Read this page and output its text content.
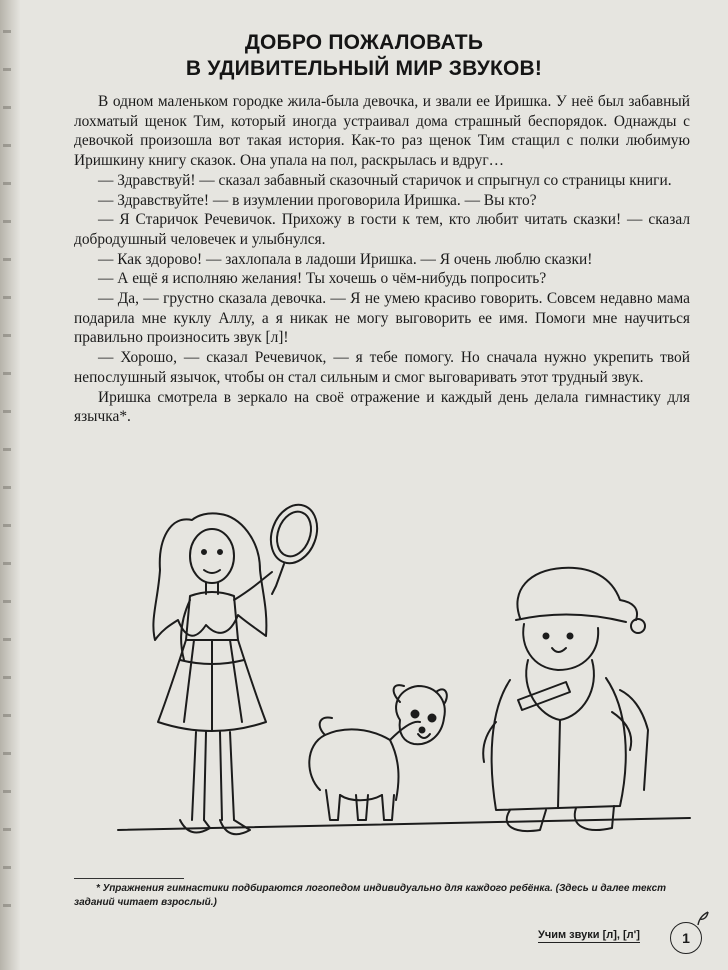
ДОБРО ПОЖАЛОВАТЬ
В УДИВИТЕЛЬНЫЙ МИР ЗВУКОВ!

В одном маленьком городке жила-была девочка, и звали ее Иришка. У неё был забавный лохматый щенок Тим, который иногда устраивал дома страшный беспорядок. Однажды с девочкой произошла вот такая история. Как-то раз щенок Тим стащил с полки любимую Иришкину книгу сказок. Она упала на пол, раскрылась и вдруг…

— Здравствуй! — сказал забавный сказочный старичок и спрыгнул со страницы книги.

— Здравствуйте! — в изумлении проговорила Иришка. — Вы кто?

— Я Старичок Речевичок. Прихожу в гости к тем, кто любит читать сказки! — сказал добродушный человечек и улыбнулся.

— Как здорово! — захлопала в ладоши Иришка. — Я очень люблю сказки!

— А ещё я исполняю желания! Ты хочешь о чём-нибудь попросить?

— Да, — грустно сказала девочка. — Я не умею красиво говорить. Совсем недавно мама подарила мне куклу Аллу, а я никак не могу выговорить ее имя. Помоги мне научиться правильно произносить звук [л]!

— Хорошо, — сказал Речевичок, — я тебе помогу. Но сначала нужно укрепить твой непослушный язычок, чтобы он стал сильным и смог выговаривать этот трудный звук.

Иришка смотрела в зеркало на своё отражение и каждый день делала гимнастику для язычка*.

* Упражнения гимнастики подбираются логопедом индивидуально для каждого ребёнка. (Здесь и далее текст заданий читает взрослый.)
Учим звуки [л], [л']	1
